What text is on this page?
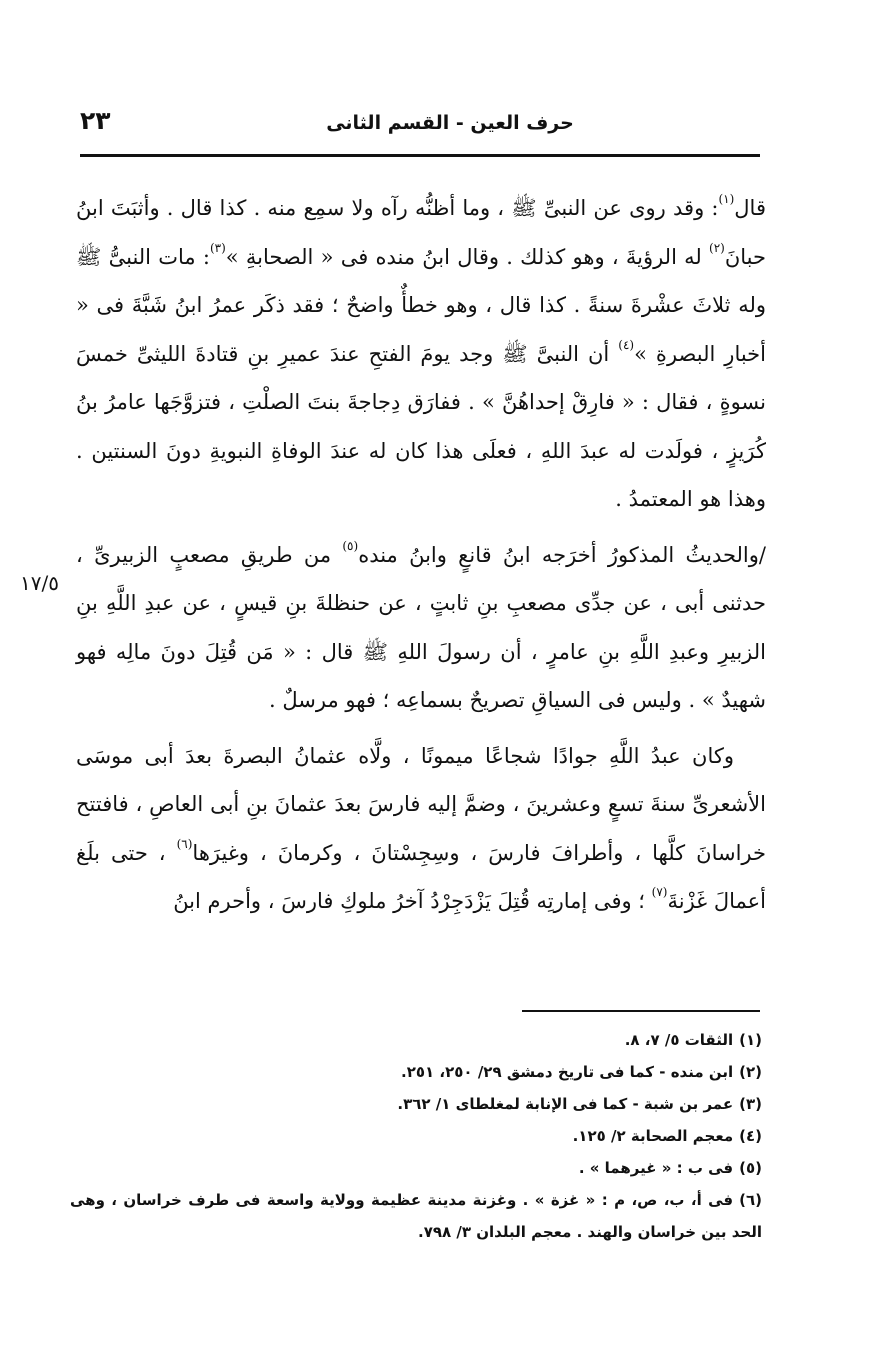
حرف العين - القسم الثانى
٢٣
١٧/٥

قال$^{(١)}$: وقد روى عن النبىِّ ﷺ ، وما أظنُّه رآه ولا سمِع منه . كذا قال . وأثبَتَ ابنُ حبانَ$^{(٢)}$ له الرؤيةَ ، وهو كذلك . وقال ابنُ منده فى « الصحابةِ »$^{(٣)}$: مات النبىُّ ﷺ وله ثلاثَ عشْرةَ سنةً . كذا قال ، وهو خطأٌ واضحٌ ؛ فقد ذكَر عمرُ ابنُ شَبَّةَ فى « أخبارِ البصرةِ »$^{(٤)}$ أن النبىَّ ﷺ وجد يومَ الفتحِ عندَ عميرِ بنِ قتادةَ الليثىِّ خمسَ نسوةٍ ، فقال : « فارِقْ إحداهُنَّ » . ففارَق دِجاجةَ بنتَ الصلْتِ ، فتزوَّجَها عامرُ بنُ كُرَيزٍ ، فولَدت له عبدَ اللهِ ، فعلَى هذا كان له عندَ الوفاةِ النبويةِ دونَ السنتين . وهذا هو المعتمدُ .

/والحديثُ المذكورُ أخرَجه ابنُ قانعٍ وابنُ منده$^{(٥)}$ من طريقِ مصعبٍ الزبيرىِّ ، حدثنى أبى ، عن جدِّى مصعبِ بنِ ثابتٍ ، عن حنظلةَ بنِ قيسٍ ، عن عبدِ اللَّهِ بنِ الزبيرِ وعبدِ اللَّهِ بنِ عامرٍ ، أن رسولَ اللهِ ﷺ قال : « مَن قُتِلَ دونَ مالِه فهو شهيدٌ » . وليس فى السياقِ تصريحٌ بسماعِه ؛ فهو مرسلٌ .

وكان عبدُ اللَّهِ جوادًا شجاعًا ميمونًا ، ولَّاه عثمانُ البصرةَ بعدَ أبى موسَى الأشعرىِّ سنةَ تسعٍ وعشرينَ ، وضمَّ إليه فارسَ بعدَ عثمانَ بنِ أبى العاصِ ، فافتتح خراسانَ كلَّها ، وأطرافَ فارسَ ، وسِجِسْتانَ ، وكرمانَ ، وغيرَها$^{(٦)}$ ، حتى بلَغ أعمالَ غَزْنةَ$^{(٧)}$ ؛ وفى إمارتِه قُتِلَ يَزْدَجِرْدُ آخرُ ملوكِ فارسَ ، وأحرم ابنُ

(١)الثقات ٥/ ٧، ٨.

(٢)ابن منده - كما فى تاريخ دمشق ٢٩/ ٢٥٠، ٢٥١.

(٣)عمر بن شبة - كما فى الإنابة لمغلطاى ١/ ٣٦٢.

(٤)معجم الصحابة ٢/ ١٢٥.

(٥)فى ب : « غيرهما » .

(٦)فى أ، ب، ص، م : « غزة » . وغزنة مدينة عظيمة وولاية واسعة فى طرف خراسان ، وهى الحد بين خراسان والهند . معجم البلدان ٣/ ٧٩٨.
